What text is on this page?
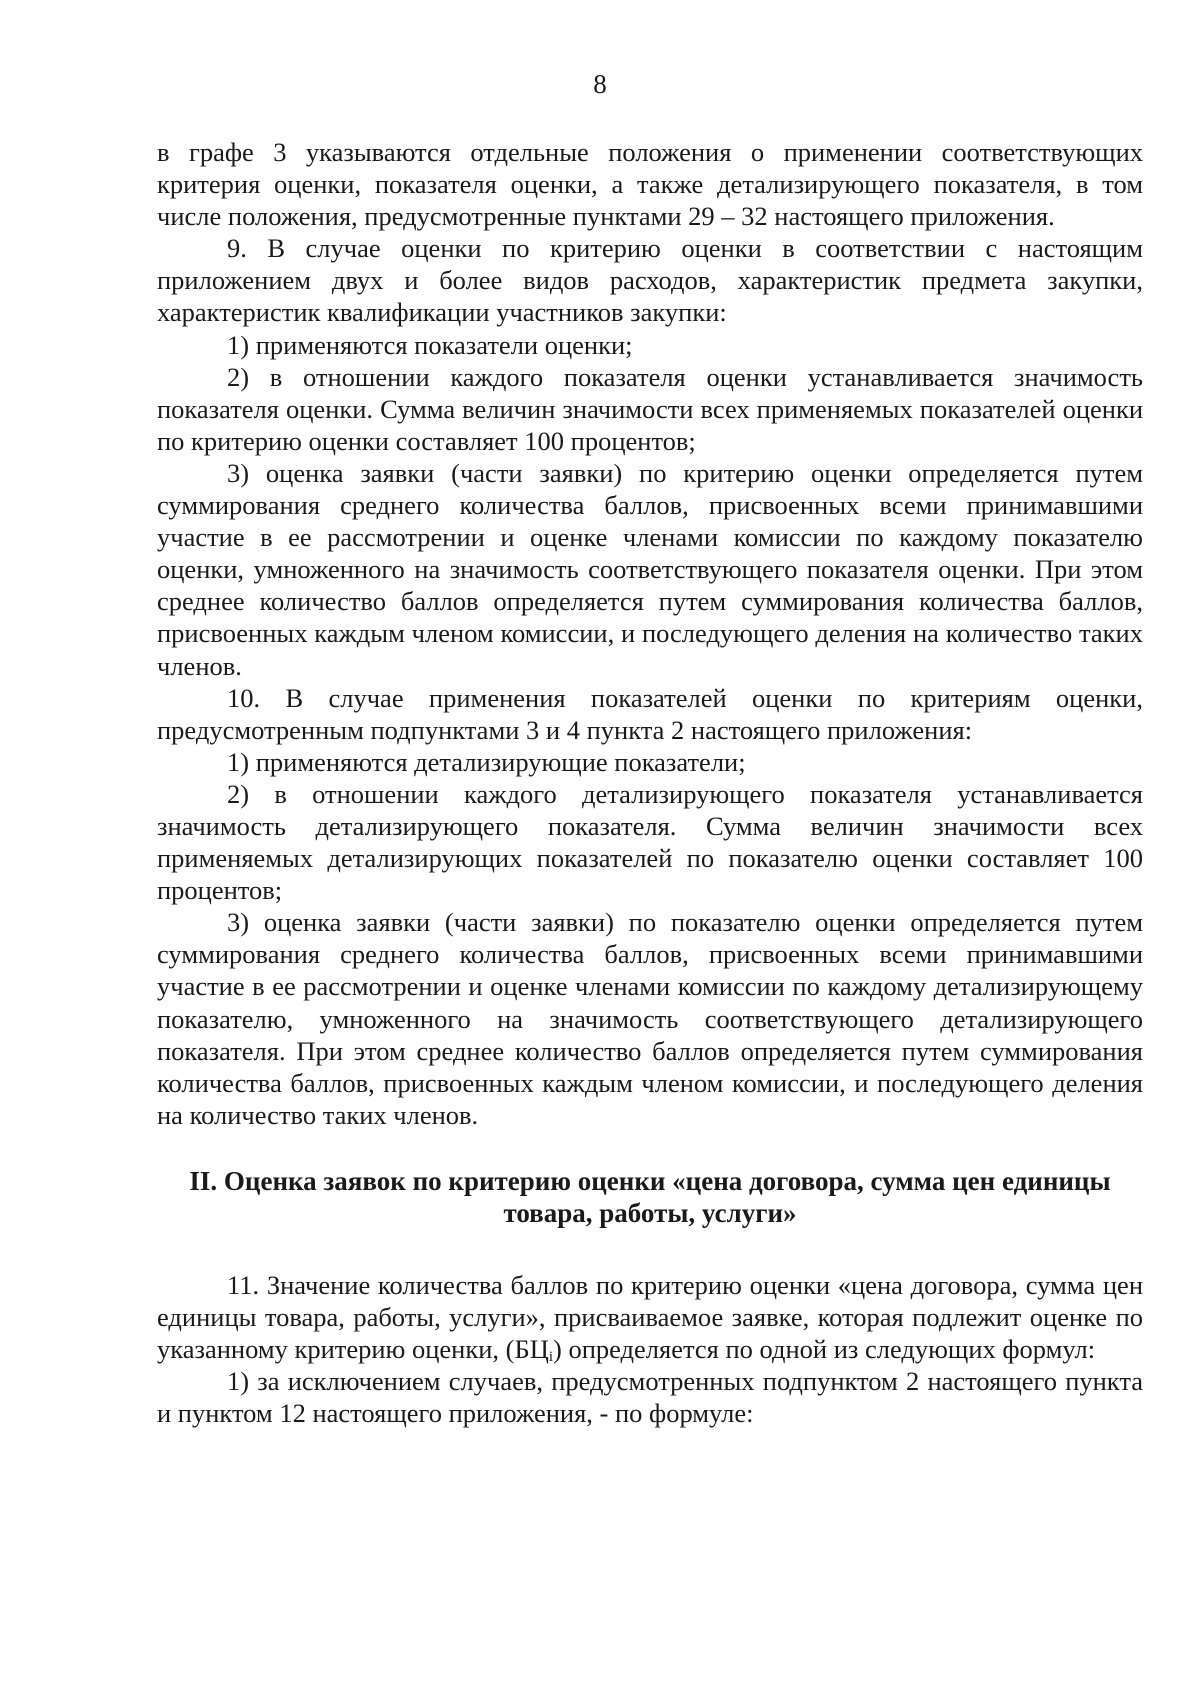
8

в графе 3 указываются отдельные положения о применении соответствующих критерия оценки, показателя оценки, а также детализирующего показателя, в том числе положения, предусмотренные пунктами 29 – 32 настоящего приложения.

9. В случае оценки по критерию оценки в соответствии с настоящим приложением двух и более видов расходов, характеристик предмета закупки, характеристик квалификации участников закупки:

1) применяются показатели оценки;

2) в отношении каждого показателя оценки устанавливается значимость показателя оценки. Сумма величин значимости всех применяемых показателей оценки по критерию оценки составляет 100 процентов;

3) оценка заявки (части заявки) по критерию оценки определяется путем суммирования среднего количества баллов, присвоенных всеми принимавшими участие в ее рассмотрении и оценке членами комиссии по каждому показателю оценки, умноженного на значимость соответствующего показателя оценки. При этом среднее количество баллов определяется путем суммирования количества баллов, присвоенных каждым членом комиссии, и последующего деления на количество таких членов.

10. В случае применения показателей оценки по критериям оценки, предусмотренным подпунктами 3 и 4 пункта 2 настоящего приложения:

1) применяются детализирующие показатели;

2) в отношении каждого детализирующего показателя устанавливается значимость детализирующего показателя. Сумма величин значимости всех применяемых детализирующих показателей по показателю оценки составляет 100 процентов;

3) оценка заявки (части заявки) по показателю оценки определяется путем суммирования среднего количества баллов, присвоенных всеми принимавшими участие в ее рассмотрении и оценке членами комиссии по каждому детализирующему показателю, умноженного на значимость соответствующего детализирующего показателя. При этом среднее количество баллов определяется путем суммирования количества баллов, присвоенных каждым членом комиссии, и последующего деления на количество таких членов.

II. Оценка заявок по критерию оценки «цена договора, сумма цен единицы
товара, работы, услуги»

11. Значение количества баллов по критерию оценки «цена договора, сумма цен единицы товара, работы, услуги», присваиваемое заявке, которая подлежит оценке по указанному критерию оценки, $(БЦ_i)$ определяется по одной из следующих формул:

1) за исключением случаев, предусмотренных подпунктом 2 настоящего пункта и пунктом 12 настоящего приложения, - по формуле:
